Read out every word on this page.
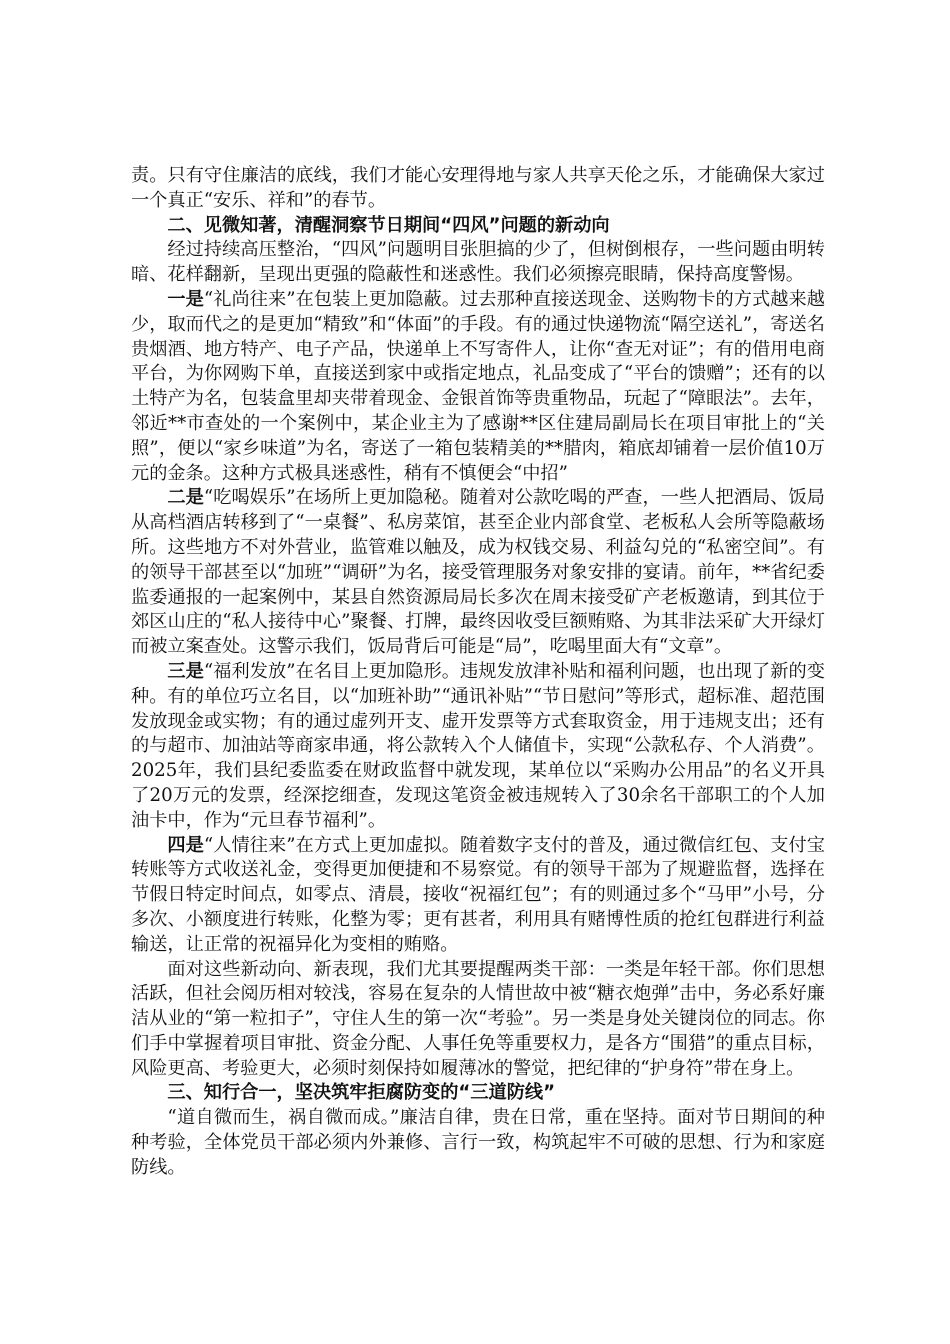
责。只有守住廉洁的底线，我们才能心安理得地与家人共享天伦之乐，才能确保大家过一个真正“安乐、祥和”的春节。

二、见微知著，清醒洞察节日期间“四风”问题的新动向

经过持续高压整治，“四风”问题明目张胆搞的少了，但树倒根存，一些问题由明转暗、花样翻新，呈现出更强的隐蔽性和迷惑性。我们必须擦亮眼睛，保持高度警惕。

一是“礼尚往来”在包装上更加隐蔽。过去那种直接送现金、送购物卡的方式越来越少，取而代之的是更加“精致”和“体面”的手段。有的通过快递物流“隔空送礼”，寄送名贵烟酒、地方特产、电子产品，快递单上不写寄件人，让你“查无对证”；有的借用电商平台，为你网购下单，直接送到家中或指定地点，礼品变成了“平台的馈赠”；还有的以土特产为名，包装盒里却夹带着现金、金银首饰等贵重物品，玩起了“障眼法”。去年，邻近**市查处的一个案例中，某企业主为了感谢**区住建局副局长在项目审批上的“关照”，便以“家乡味道”为名，寄送了一箱包装精美的**腊肉，箱底却铺着一层价值10万元的金条。这种方式极具迷惑性，稍有不慎便会“中招”

二是“吃喝娱乐”在场所上更加隐秘。随着对公款吃喝的严查，一些人把酒局、饭局从高档酒店转移到了“一桌餐”、私房菜馆，甚至企业内部食堂、老板私人会所等隐蔽场所。这些地方不对外营业，监管难以触及，成为权钱交易、利益勾兑的“私密空间”。有的领导干部甚至以“加班”“调研”为名，接受管理服务对象安排的宴请。前年，**省纪委监委通报的一起案例中，某县自然资源局局长多次在周末接受矿产老板邀请，到其位于郊区山庄的“私人接待中心”聚餐、打牌，最终因收受巨额贿赂、为其非法采矿大开绿灯而被立案查处。这警示我们，饭局背后可能是“局”，吃喝里面大有“文章”。

三是“福利发放”在名目上更加隐形。违规发放津补贴和福利问题，也出现了新的变种。有的单位巧立名目，以“加班补助”“通讯补贴”“节日慰问”等形式，超标准、超范围发放现金或实物；有的通过虚列开支、虚开发票等方式套取资金，用于违规支出；还有的与超市、加油站等商家串通，将公款转入个人储值卡，实现“公款私存、个人消费”。2025年，我们县纪委监委在财政监督中就发现，某单位以“采购办公用品”的名义开具了20万元的发票，经深挖细查，发现这笔资金被违规转入了30余名干部职工的个人加油卡中，作为“元旦春节福利”。

四是“人情往来”在方式上更加虚拟。随着数字支付的普及，通过微信红包、支付宝转账等方式收送礼金，变得更加便捷和不易察觉。有的领导干部为了规避监督，选择在节假日特定时间点，如零点、清晨，接收“祝福红包”；有的则通过多个“马甲”小号，分多次、小额度进行转账，化整为零；更有甚者，利用具有赌博性质的抢红包群进行利益输送，让正常的祝福异化为变相的贿赂。

面对这些新动向、新表现，我们尤其要提醒两类干部：一类是年轻干部。你们思想活跃，但社会阅历相对较浅，容易在复杂的人情世故中被“糖衣炮弹”击中，务必系好廉洁从业的“第一粒扣子”，守住人生的第一次“考验”。另一类是身处关键岗位的同志。你们手中掌握着项目审批、资金分配、人事任免等重要权力，是各方“围猎”的重点目标，风险更高、考验更大，必须时刻保持如履薄冰的警觉，把纪律的“护身符”带在身上。

三、知行合一，坚决筑牢拒腐防变的“三道防线”

“道自微而生，祸自微而成。”廉洁自律，贵在日常，重在坚持。面对节日期间的种种考验，全体党员干部必须内外兼修、言行一致，构筑起牢不可破的思想、行为和家庭防线。
